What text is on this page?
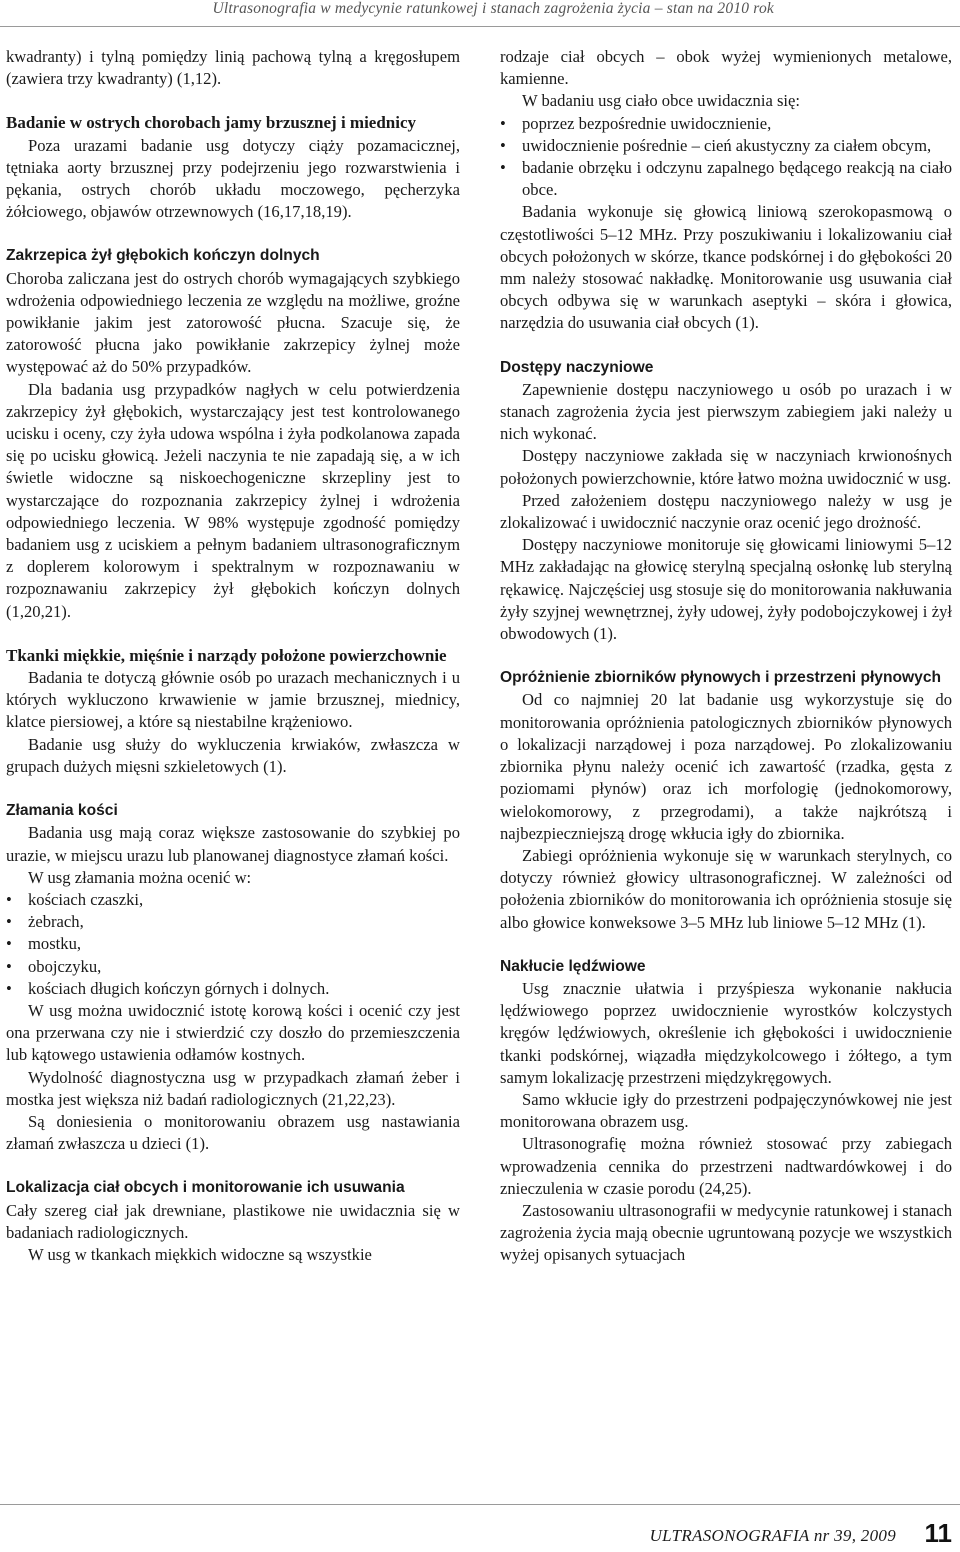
Ultrasonografia w medycynie ratunkowej i stanach zagrożenia życia – stan na 2010 rok

kwadranty) i tylną pomiędzy linią pachową tylną a kręgosłupem (zawiera trzy kwadranty) (1,12).

Badanie w ostrych chorobach jamy brzusznej i miednicy

Poza urazami badanie usg dotyczy ciąży pozamacicznej, tętniaka aorty brzusznej przy podejrzeniu jego rozwarstwienia i pękania, ostrych chorób układu moczowego, pęcherzyka żółciowego, objawów otrzewnowych (16,17,18,19).

Zakrzepica żył głębokich kończyn dolnych

Choroba zaliczana jest do ostrych chorób wymagających szybkiego wdrożenia odpowiedniego leczenia ze względu na możliwe, groźne powikłanie jakim jest zatorowość płucna. Szacuje się, że zatorowość płucna jako powikłanie zakrzepicy żylnej może występować aż do 50% przypadków.

Dla badania usg przypadków nagłych w celu potwierdzenia zakrzepicy żył głębokich, wystarczający jest test kontrolowanego ucisku i oceny, czy żyła udowa wspólna i żyła podkolanowa zapada się po ucisku głowicą. Jeżeli naczynia te nie zapadają się, a w ich świetle widoczne są niskoechogeniczne skrzepliny jest to wystarczające do rozpoznania zakrzepicy żylnej i wdrożenia odpowiedniego leczenia. W 98% występuje zgodność pomiędzy badaniem usg z uciskiem a pełnym badaniem ultrasonograficznym z doplerem kolorowym i spektralnym w rozpoznawaniu w rozpoznawaniu zakrzepicy żył głębokich kończyn dolnych (1,20,21).

Tkanki miękkie, mięśnie i narządy położone powierzchownie

Badania te dotyczą głównie osób po urazach mechanicznych i u których wykluczono krwawienie w jamie brzusznej, miednicy, klatce piersiowej, a które są niestabilne krążeniowo.

Badanie usg służy do wykluczenia krwiaków, zwłaszcza w grupach dużych mięsni szkieletowych (1).

Złamania kości

Badania usg mają coraz większe zastosowanie do szybkiej po urazie, w miejscu urazu lub planowanej diagnostyce złamań kości.

W usg złamania można ocenić w:

• kościach czaszki,
• żebrach,
• mostku,
• obojczyku,
• kościach długich kończyn górnych i dolnych.

W usg można uwidocznić istotę korową kości i ocenić czy jest ona przerwana czy nie i stwierdzić czy doszło do przemieszczenia lub kątowego ustawienia odłamów kostnych.

Wydolność diagnostyczna usg w przypadkach złamań żeber i mostka jest większa niż badań radiologicznych (21,22,23).

Są doniesienia o monitorowaniu obrazem usg nastawiania złamań zwłaszcza u dzieci (1).

Lokalizacja ciał obcych i monitorowanie ich usuwania

Cały szereg ciał jak drewniane, plastikowe nie uwidacznia się w badaniach radiologicznych.

W usg w tkankach miękkich widoczne są wszystkie

rodzaje ciał obcych – obok wyżej wymienionych metalowe, kamienne.

W badaniu usg ciało obce uwidacznia się:

• poprzez bezpośrednie uwidocznienie,
• uwidocznienie pośrednie – cień akustyczny za ciałem obcym,
• badanie obrzęku i odczynu zapalnego będącego reakcją na ciało obce.

Badania wykonuje się głowicą liniową szerokopasmową o częstotliwości 5–12 MHz. Przy poszukiwaniu i lokalizowaniu ciał obcych położonych w skórze, tkance podskórnej i do głębokości 20 mm należy stosować nakładkę. Monitorowanie usg usuwania ciał obcych odbywa się w warunkach aseptyki – skóra i głowica, narzędzia do usuwania ciał obcych (1).

Dostępy naczyniowe

Zapewnienie dostępu naczyniowego u osób po urazach i w stanach zagrożenia życia jest pierwszym zabiegiem jaki należy u nich wykonać.

Dostępy naczyniowe zakłada się w naczyniach krwionośnych położonych powierzchownie, które łatwo można uwidocznić w usg.

Przed założeniem dostępu naczyniowego należy w usg je zlokalizować i uwidocznić naczynie oraz ocenić jego drożność.

Dostępy naczyniowe monitoruje się głowicami liniowymi 5–12 MHz zakładając na głowicę sterylną specjalną osłonkę lub sterylną rękawicę. Najczęściej usg stosuje się do monitorowania nakłuwania żyły szyjnej wewnętrznej, żyły udowej, żyły podobojczykowej i żył obwodowych (1).

Opróżnienie zbiorników płynowych i przestrzeni płynowych

Od co najmniej 20 lat badanie usg wykorzystuje się do monitorowania opróżnienia patologicznych zbiorników płynowych o lokalizacji narządowej i poza narządowej. Po zlokalizowaniu zbiornika płynu należy ocenić ich zawartość (rzadka, gęsta z poziomami płynów) oraz ich morfologię (jednokomorowy, wielokomorowy, z przegrodami), a także najkrótszą i najbezpieczniejszą drogę wkłucia igły do zbiornika.

Zabiegi opróżnienia wykonuje się w warunkach sterylnych, co dotyczy również głowicy ultrasonograficznej. W zależności od położenia zbiorników do monitorowania ich opróżnienia stosuje się albo głowice konweksowe 3–5 MHz lub liniowe 5–12 MHz (1).

Nakłucie lędźwiowe

Usg znacznie ułatwia i przyśpiesza wykonanie nakłucia lędźwiowego poprzez uwidocznienie wyrostków kolczystych kręgów lędźwiowych, określenie ich głębokości i uwidocznienie tkanki podskórnej, wiązadła międzykolcowego i żółtego, a tym samym lokalizację przestrzeni międzykręgowych.

Samo wkłucie igły do przestrzeni podpajęczynówkowej nie jest monitorowana obrazem usg.

Ultrasonografię można również stosować przy zabiegach wprowadzenia cennika do przestrzeni nadtwardówkowej i do znieczulenia w czasie porodu (24,25).

Zastosowaniu ultrasonografii w medycynie ratunkowej i stanach zagrożenia życia mają obecnie ugruntowaną pozycje we wszystkich wyżej opisanych sytuacjach

ULTRASONOGRAFIA nr 39, 2009 11
